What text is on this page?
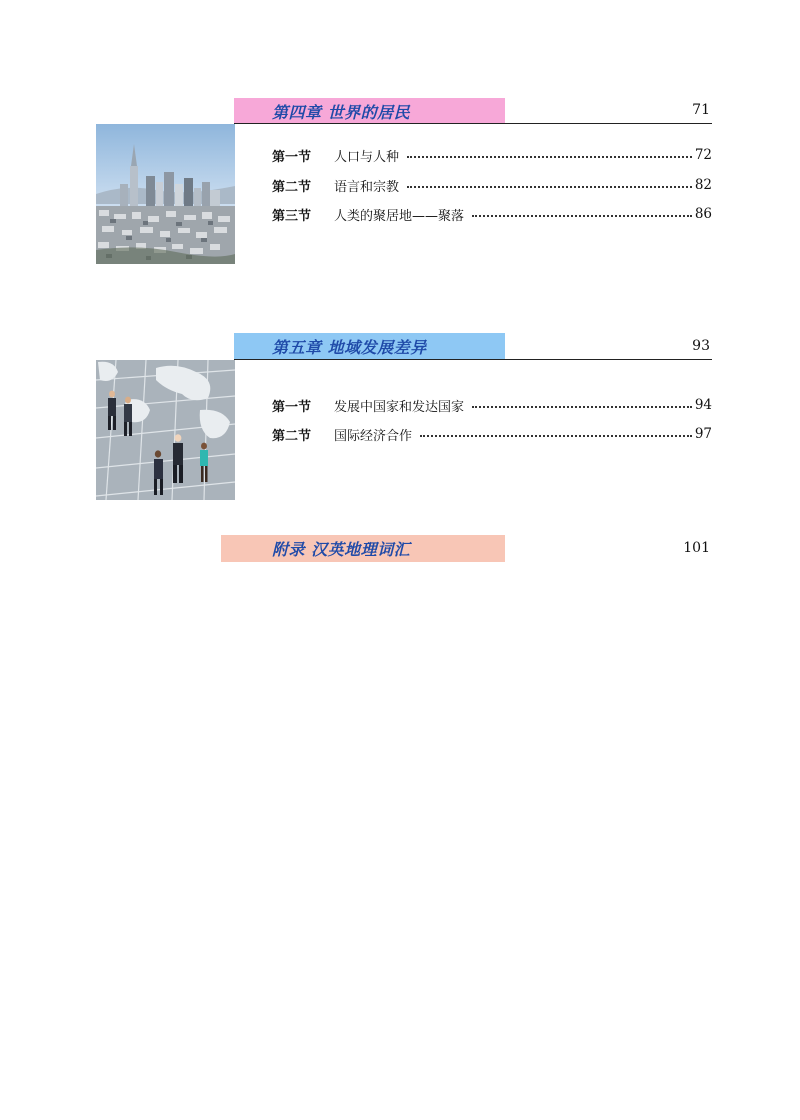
第四章 世界的居民	71
第一节	人口与人种	72
第二节	语言和宗教	82
第三节	人类的聚居地——聚落	86
第五章 地域发展差异	93
第一节	发展中国家和发达国家	94
第二节	国际经济合作	97
附录 汉英地理词汇	101
